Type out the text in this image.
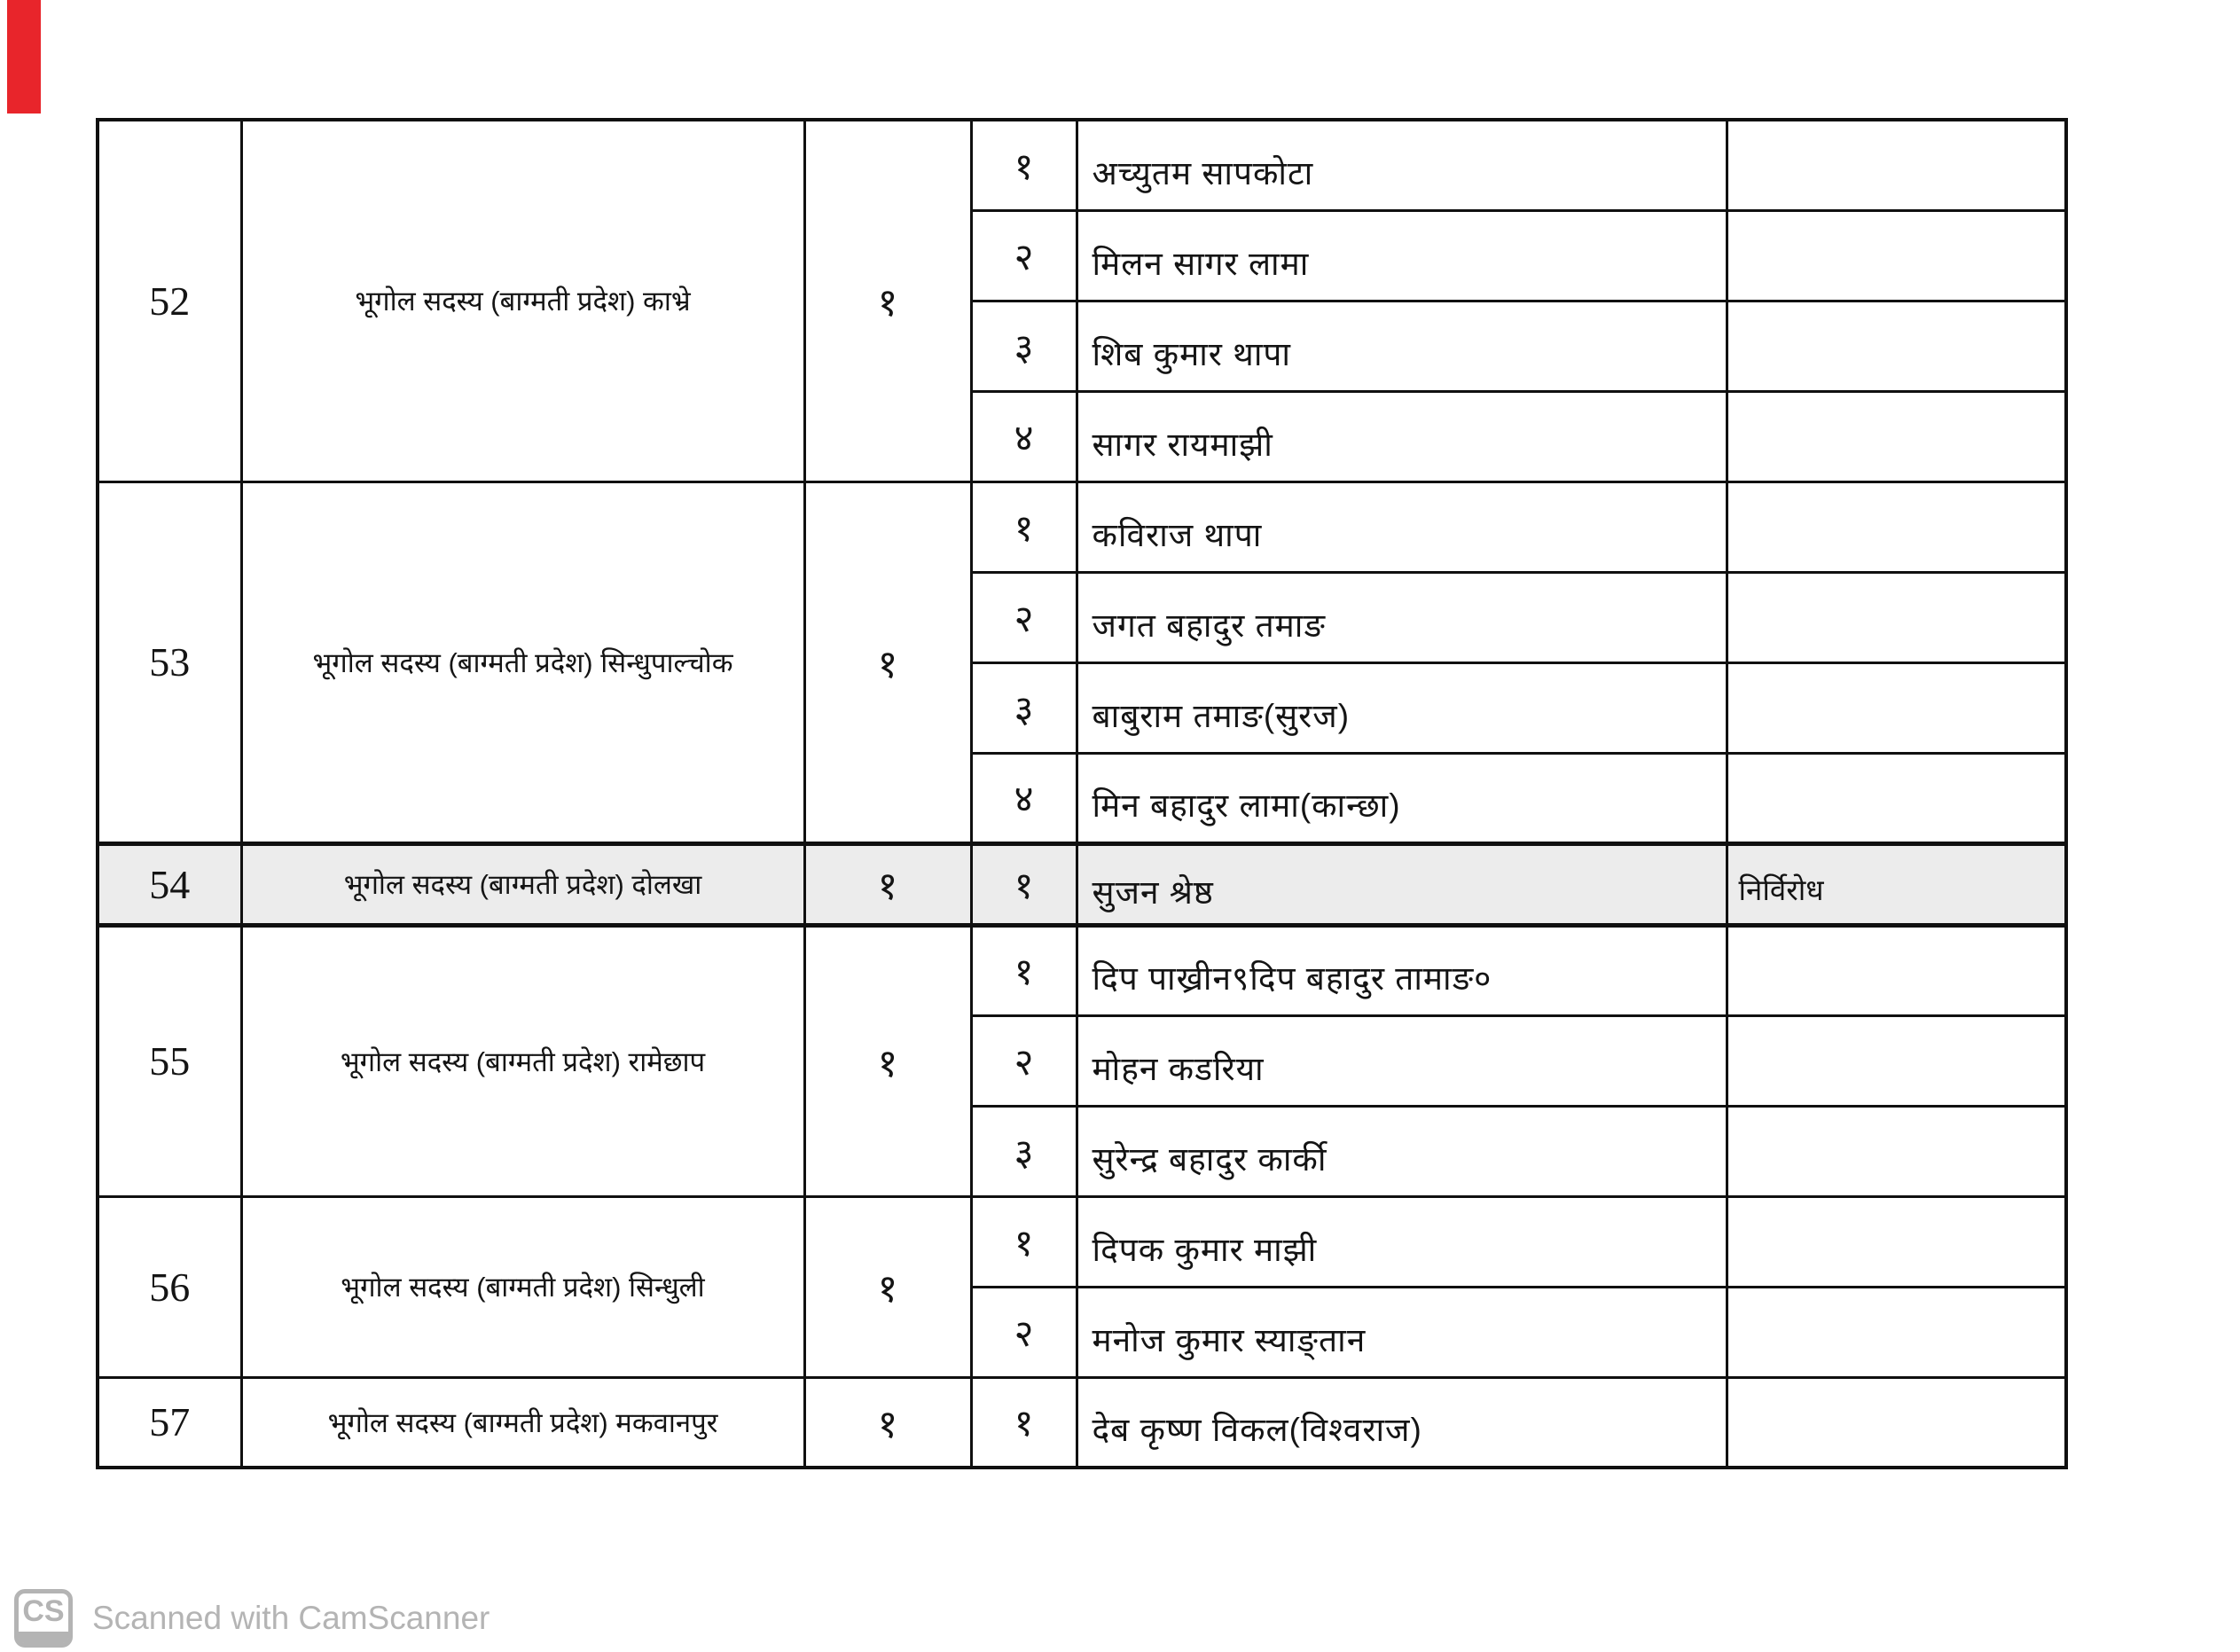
52	भूगोल सदस्य (बाग्मती प्रदेश) काभ्रे	१	१	अच्युतम सापकोटा	
			२	मिलन सागर लामा	
			३	शिब कुमार थापा	
			४	सागर रायमाझी	
53	भूगोल सदस्य (बाग्मती प्रदेश) सिन्धुपाल्चोक	१	१	कविराज थापा	
			२	जगत बहादुर तमाङ	
			३	बाबुराम तमाङ(सुरज)	
			४	मिन बहादुर लामा(कान्छा)	
54	भूगोल सदस्य (बाग्मती प्रदेश) दोलखा	१	१	सुजन श्रेष्ठ	निर्विरोध
55	भूगोल सदस्य (बाग्मती प्रदेश) रामेछाप	१	१	दिप पाख्रीन९दिप बहादुर तामाङ०	
			२	मोहन कडरिया	
			३	सुरेन्द्र बहादुर कार्की	
56	भूगोल सदस्य (बाग्मती प्रदेश) सिन्धुली	१	१	दिपक कुमार माझी	
			२	मनोज कुमार स्याङ्तान	
57	भूगोल सदस्य (बाग्मती प्रदेश) मकवानपुर	१	१	देब कृष्ण विकल(विश्वराज)	
CS Scanned with CamScanner
